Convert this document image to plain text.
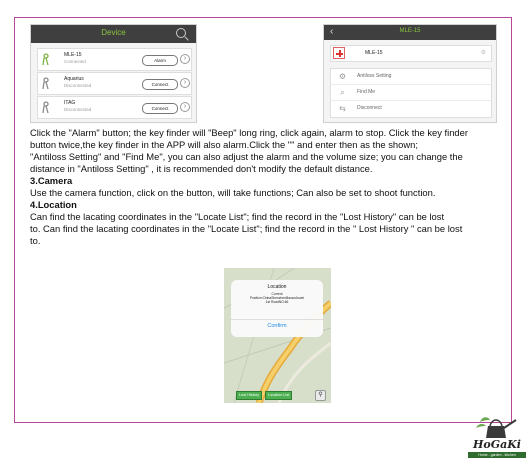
Device
MLE-15
Connected	Alarm	›
Aquarius
Disconnected	Connect	›
ITAG
Disconnected	Connect	›
‹	MLE-15
MLE-15	⚙
⚙ Antiloss Setting
⌕	Find Me
⇆ Disconnect

Click the "Alarm" button; the key finder will "Beep" long ring, click again, alarm to stop. Click the key finder

button twice,the key finder in the APP will also alarm.Click the "" and enter then as the shown;

"Antiloss Setting" and "Find Me", you can also adjust the alarm and the volume size; you can change the

distance in "Antiloss Setting" , it is recommended don't modify the default distance.

3.Camera

Use the camera function, click on the button, will take functions; Can also be set to shoot function.

4.Location

Can find the lacating coordinates in the "Locate List"; find the record in the "Lost History" can be lost

to. Can find the lacating coordinates in the "Locate List"; find the record in the " Lost History " can be lost

to.

Location
Current
Position:ChinaShenzhenBaoanJuwei
1st RoadNO.66
Confirm
Lost History	Location List	⚲
HoGaKi
Home - garden - kitchen
